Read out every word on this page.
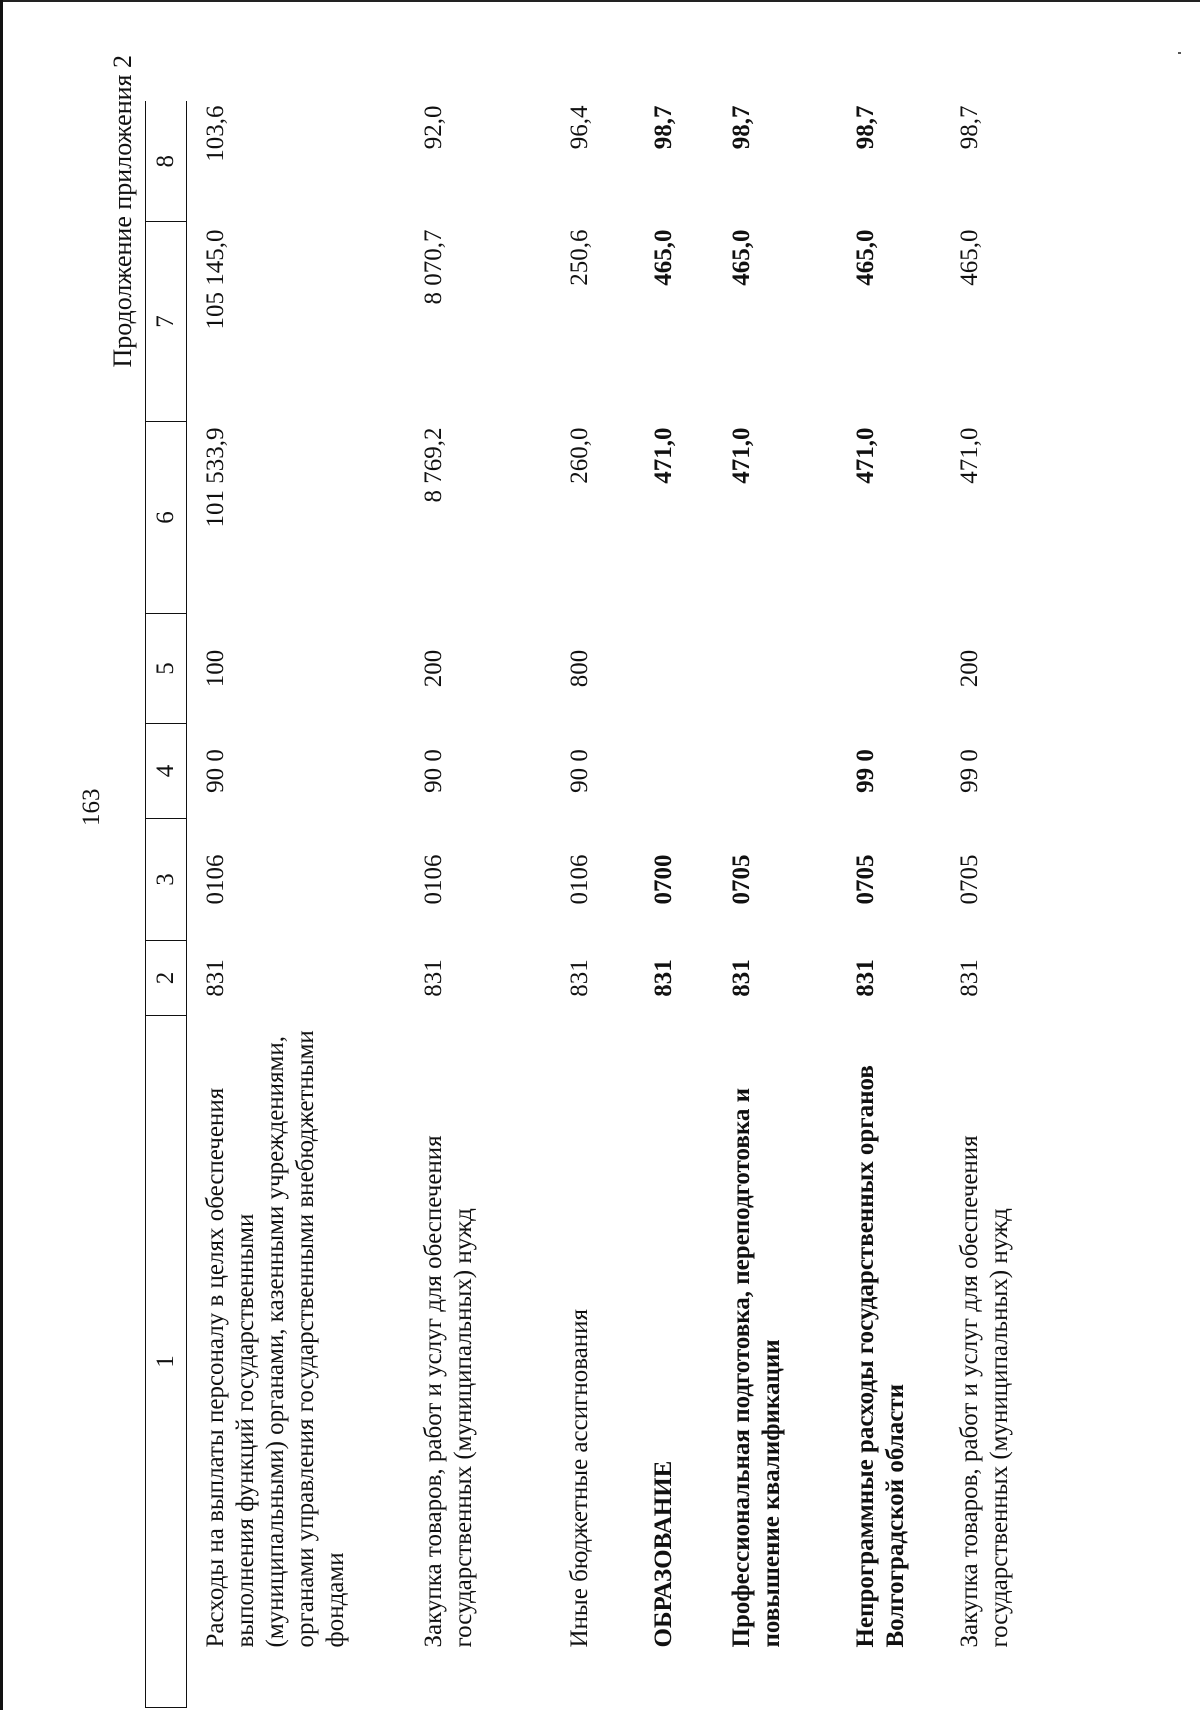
163
Продолжение приложения 2
1	2	3	4	5	6	7	8
Расходы на выплаты персоналу в целях обеспечения выполнения функций государственными (муниципальными) органами, казенными учреждениями, органами управления государственными внебюджетными фондами	831	0106	90 0	100	101 533,9	105 145,0	103,6
Закупка товаров, работ и услуг для обеспечения государственных (муниципальных) нужд	831	0106	90 0	200	8 769,2	8 070,7	92,0
Иные бюджетные ассигнования	831	0106	90 0	800	260,0	250,6	96,4
ОБРАЗОВАНИЕ	831	0700			471,0	465,0	98,7
Профессиональная подготовка, переподготовка и повышение квалификации	831	0705			471,0	465,0	98,7
Непрограммные расходы государственных органов Волгоградской области	831	0705	99 0		471,0	465,0	98,7
Закупка товаров, работ и услуг для обеспечения государственных (муниципальных) нужд	831	0705	99 0	200	471,0	465,0	98,7
